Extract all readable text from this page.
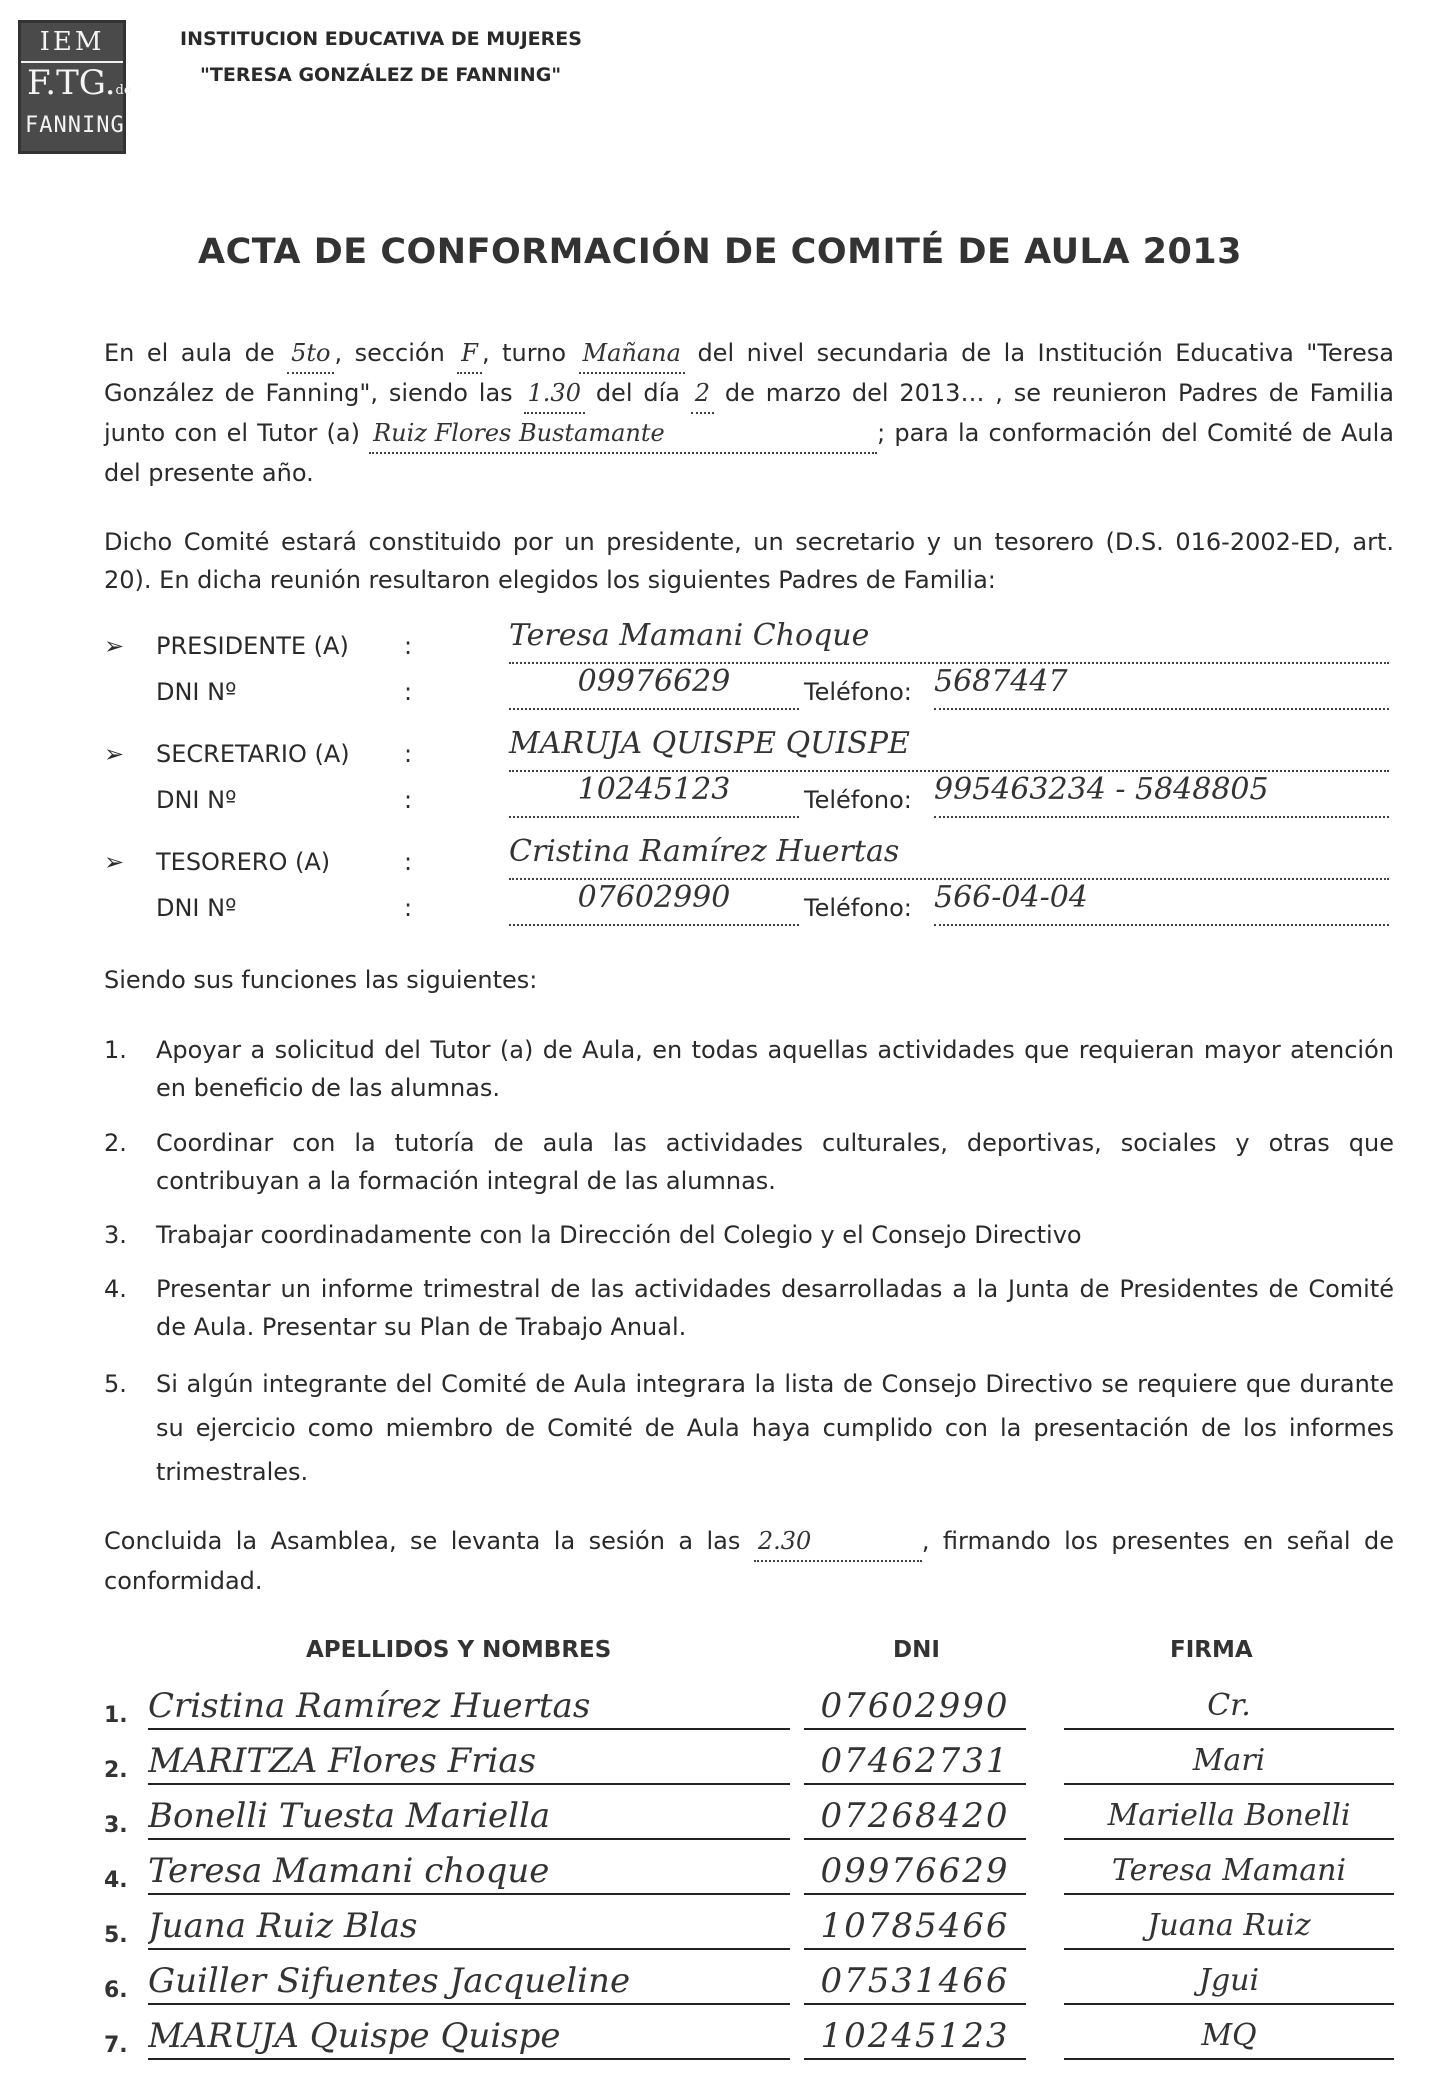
IEM
F.TG.de
FANNING
INSTITUCION EDUCATIVA DE MUJERES
"TERESA GONZÁLEZ DE FANNING"
ACTA DE CONFORMACIÓN DE COMITÉ DE AULA 2013
En el aula de 5to , sección F , turno Mañana del nivel secundaria de la Institución Educativa "Teresa González de Fanning", siendo las 1.30 del día 2 de marzo del 2013… , se reunieron Padres de Familia junto con el Tutor (a) Ruiz Flores Bustamante	; para la conformación del Comité de Aula del presente año.
Dicho Comité estará constituido por un presidente, un secretario y un tesorero (D.S. 016-2002-ED, art. 20). En dicha reunión resultaron elegidos los siguientes Padres de Familia:
➢ PRESIDENTE (A) :	Teresa Mamani Choque
DNI Nº	:	09976629	Teléfono: 5687447
➢ SECRETARIO (A) :	MARUJA QUISPE QUISPE
DNI Nº	:	10245123	Teléfono: 995463234 - 5848805
➢ TESORERO (A)	:	Cristina Ramírez Huertas
DNI Nº	:	07602990	Teléfono: 566-04-04
Siendo sus funciones las siguientes:
1. Apoyar a solicitud del Tutor (a) de Aula, en todas aquellas actividades que requieran mayor atención en beneficio de las alumnas.
2. Coordinar con la tutoría de aula las actividades culturales, deportivas, sociales y otras que contribuyan a la formación integral de las alumnas.
3. Trabajar coordinadamente con la Dirección del Colegio y el Consejo Directivo
4. Presentar un informe trimestral de las actividades desarrolladas a la Junta de Presidentes de Comité de Aula. Presentar su Plan de Trabajo Anual.
5. Si algún integrante del Comité de Aula integrara la lista de Consejo Directivo se requiere que durante su ejercicio como miembro de Comité de Aula haya cumplido con la presentación de los informes trimestrales.
Concluida la Asamblea, se levanta la sesión a las 2.30	, firmando los presentes en señal de conformidad.
APELLIDOS Y NOMBRES	DNI	FIRMA
1. Cristina Ramírez Huertas	07602990	Cr.
2. MARITZA Flores Frias	07462731	Mari
3. Bonelli Tuesta Mariella	07268420	Mariella Bonelli
4. Teresa Mamani choque	09976629	Teresa Mamani
5. Juana Ruiz Blas	10785466	Juana Ruiz
6. Guiller Sifuentes Jacqueline	07531466	Jgui
7. MARUJA Quispe Quispe	10245123	MQ
